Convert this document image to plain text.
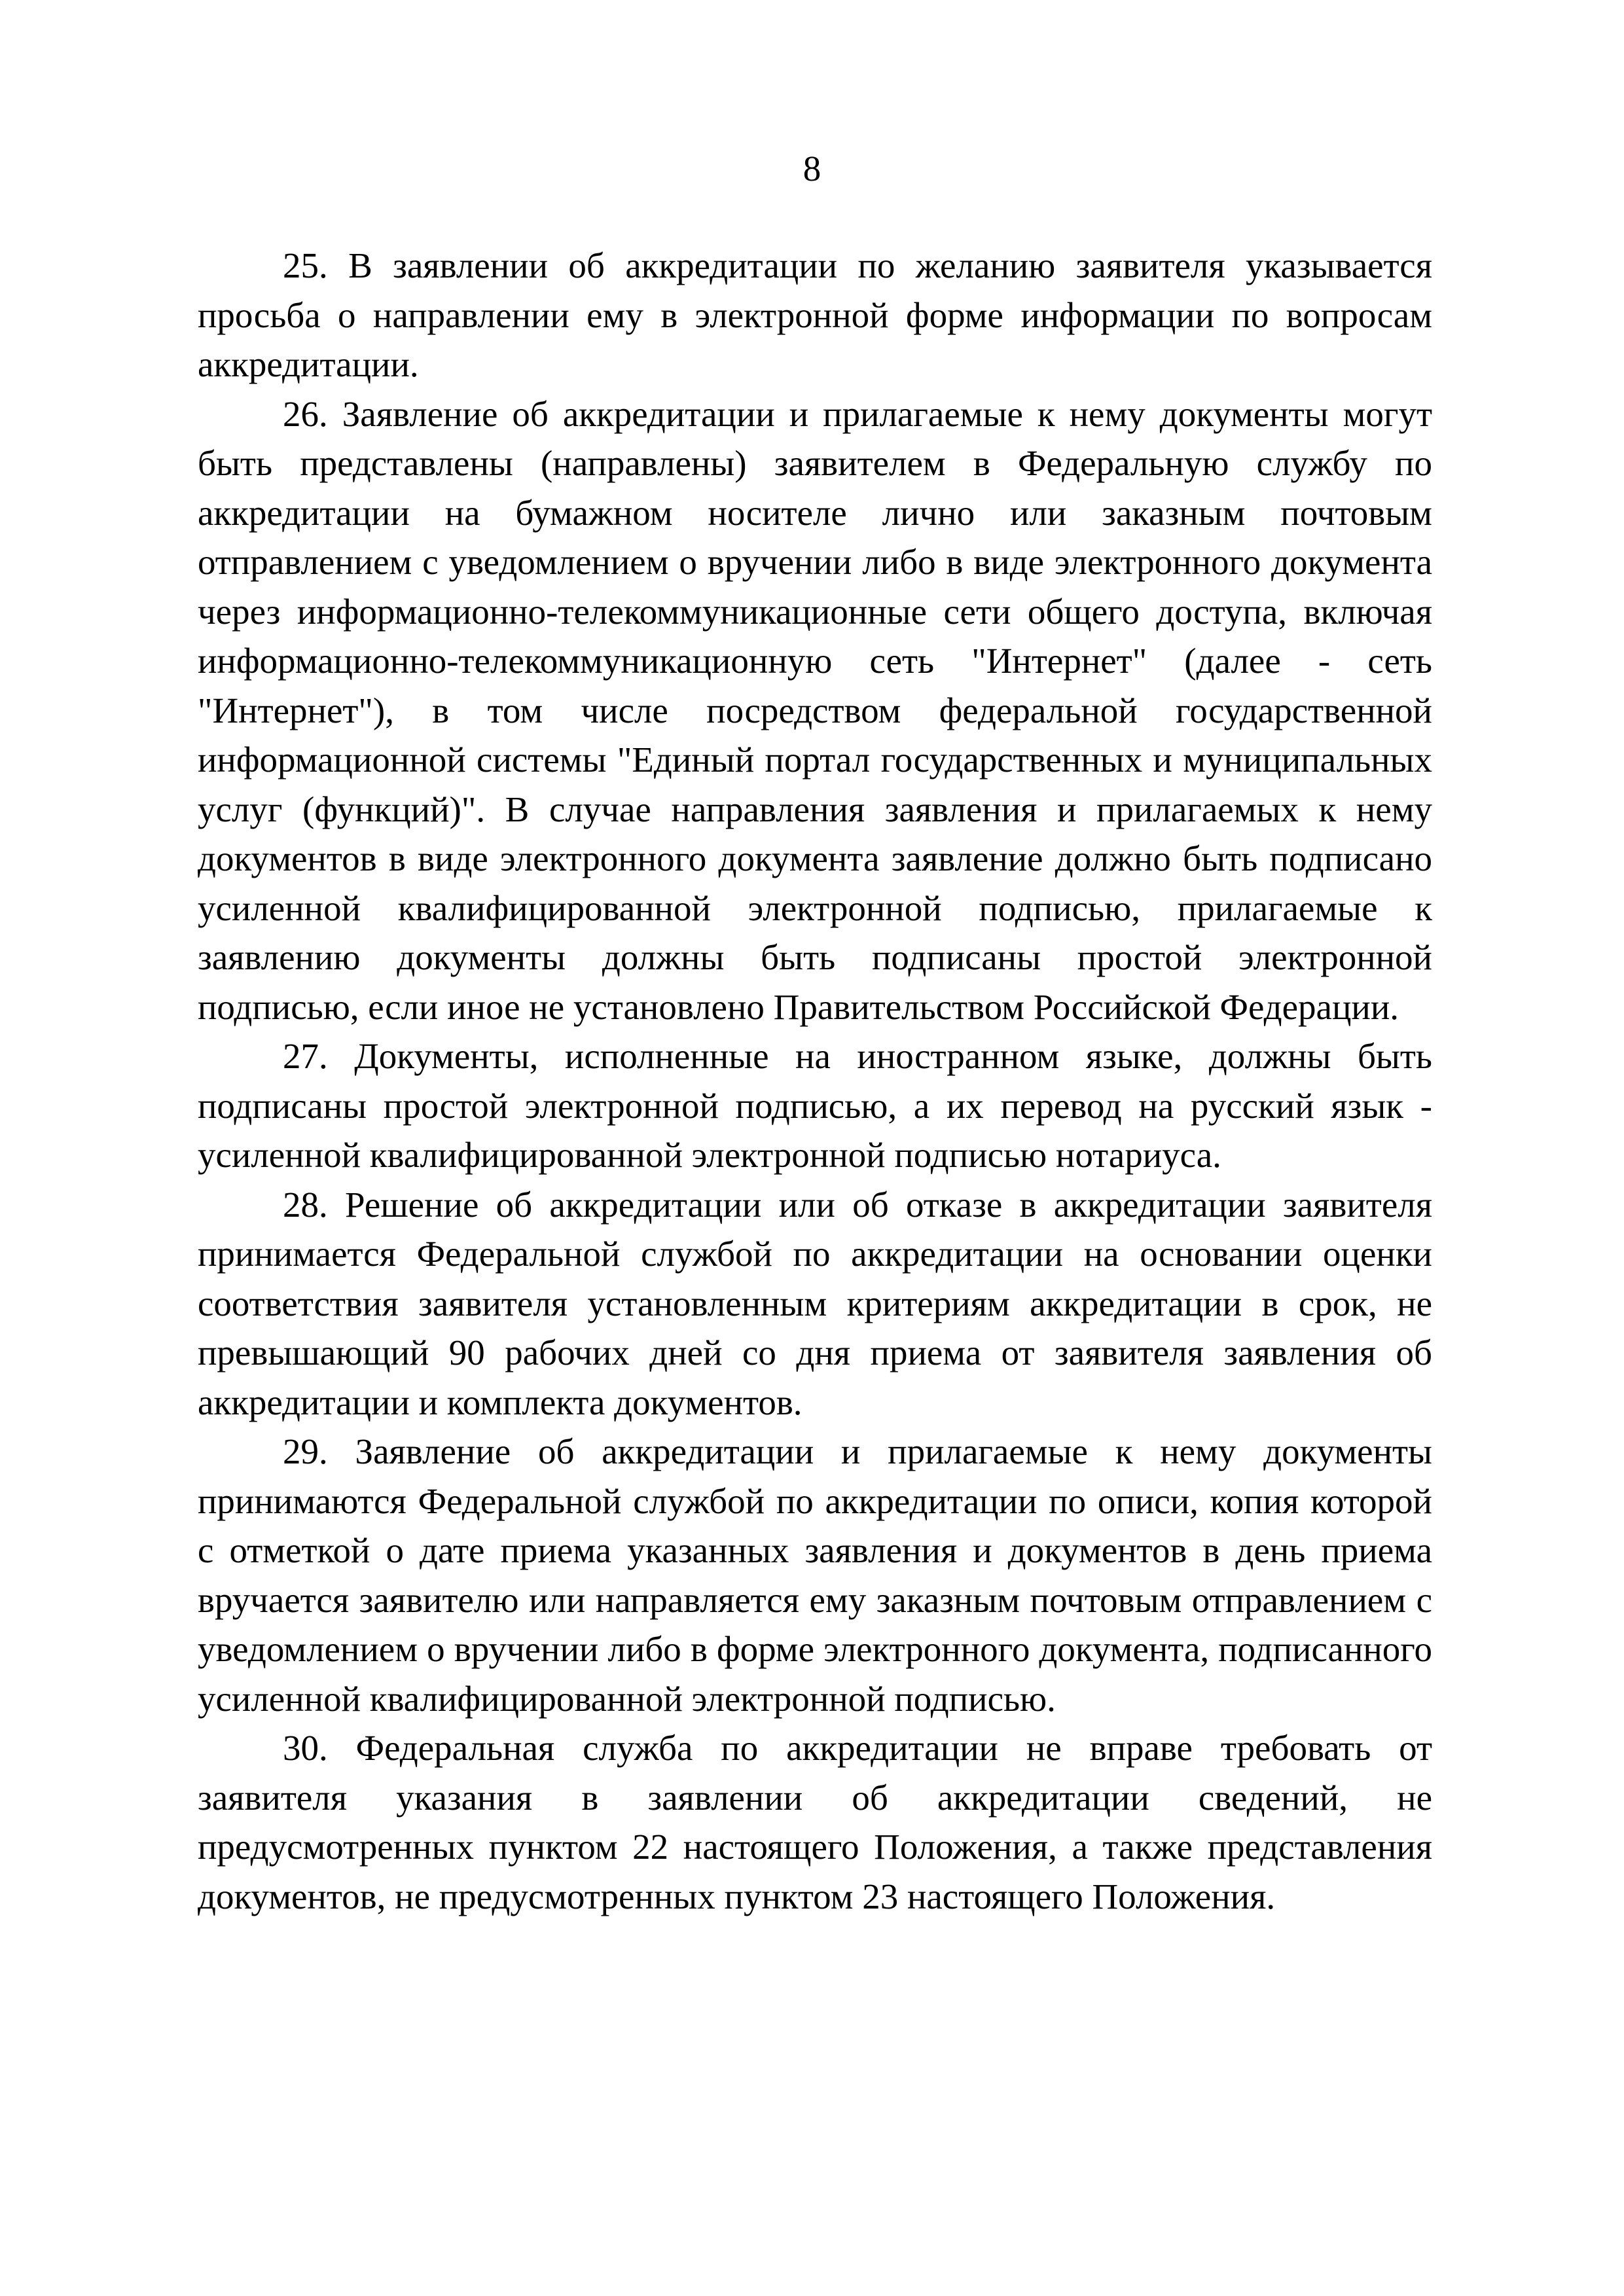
8

25. В заявлении об аккредитации по желанию заявителя указывается просьба о направлении ему в электронной форме информации по вопросам аккредитации.

26. Заявление об аккредитации и прилагаемые к нему документы могут быть представлены (направлены) заявителем в Федеральную службу по аккредитации на бумажном носителе лично или заказным почтовым отправлением с уведомлением о вручении либо в виде электронного документа через информационно-телекоммуникационные сети общего доступа, включая информационно-телекоммуникационную сеть "Интернет" (далее - сеть "Интернет"), в том числе посредством федеральной государственной информационной системы "Единый портал государственных и муниципальных услуг (функций)". В случае направления заявления и прилагаемых к нему документов в виде электронного документа заявление должно быть подписано усиленной квалифицированной электронной подписью, прилагаемые к заявлению документы должны быть подписаны простой электронной подписью, если иное не установлено Правительством Российской Федерации.

27. Документы, исполненные на иностранном языке, должны быть подписаны простой электронной подписью, а их перевод на русский язык - усиленной квалифицированной электронной подписью нотариуса.

28. Решение об аккредитации или об отказе в аккредитации заявителя принимается Федеральной службой по аккредитации на основании оценки соответствия заявителя установленным критериям аккредитации в срок, не превышающий 90 рабочих дней со дня приема от заявителя заявления об аккредитации и комплекта документов.

29. Заявление об аккредитации и прилагаемые к нему документы принимаются Федеральной службой по аккредитации по описи, копия которой с отметкой о дате приема указанных заявления и документов в день приема вручается заявителю или направляется ему заказным почтовым отправлением с уведомлением о вручении либо в форме электронного документа, подписанного усиленной квалифицированной электронной подписью.

30. Федеральная служба по аккредитации не вправе требовать от заявителя указания в заявлении об аккредитации сведений, не предусмотренных пунктом 22 настоящего Положения, а также представления документов, не предусмотренных пунктом 23 настоящего Положения.
